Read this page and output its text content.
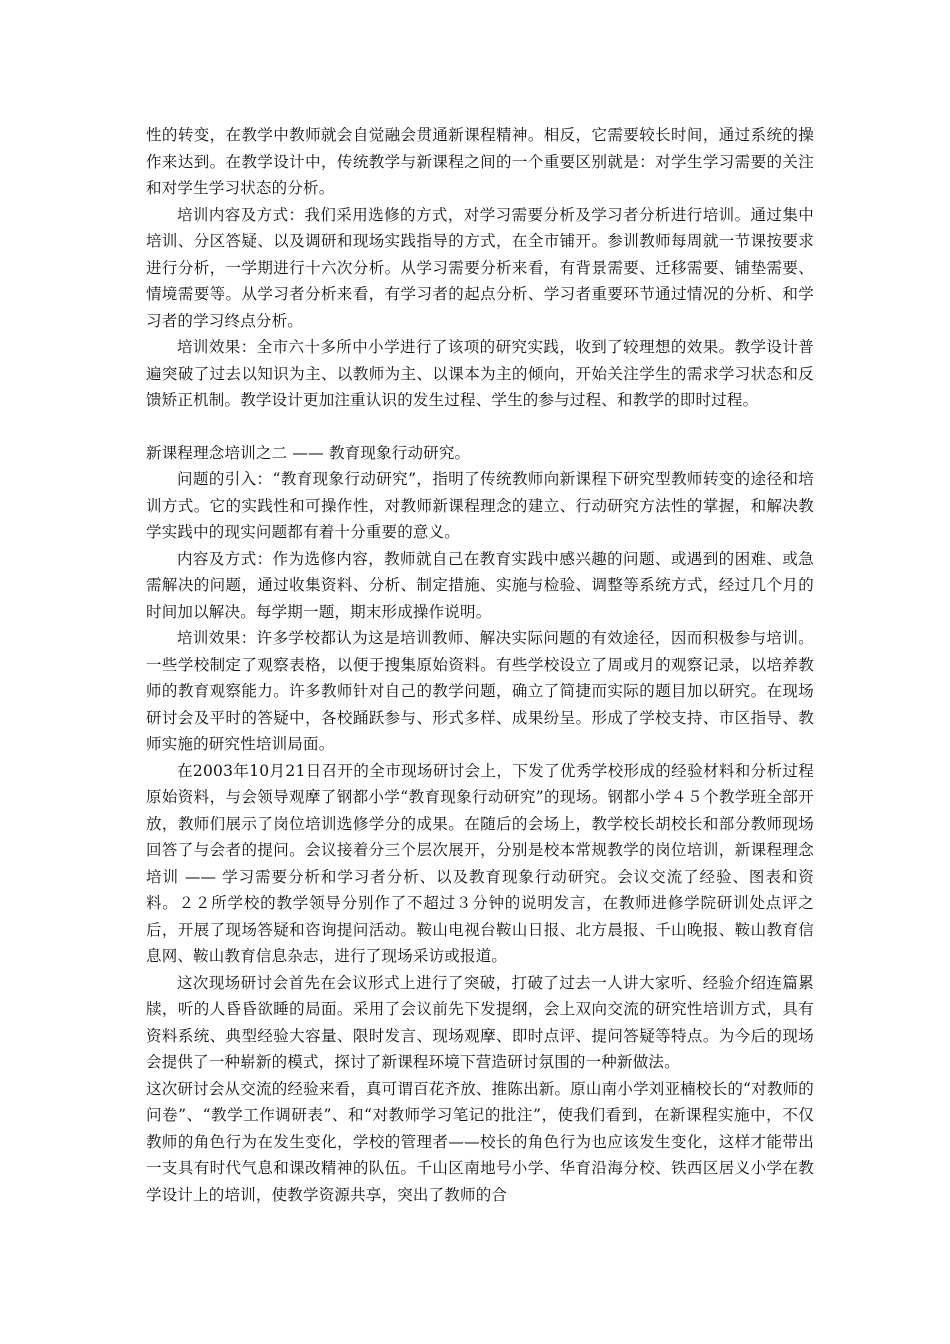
性的转变，在教学中教师就会自觉融会贯通新课程精神。相反，它需要较长时间，通过系统的操作来达到。在教学设计中，传统教学与新课程之间的一个重要区别就是：对学生学习需要的关注和对学生学习状态的分析。

培训内容及方式：我们采用选修的方式，对学习需要分析及学习者分析进行培训。通过集中培训、分区答疑、以及调研和现场实践指导的方式，在全市铺开。参训教师每周就一节课按要求进行分析，一学期进行十六次分析。从学习需要分析来看，有背景需要、迁移需要、铺垫需要、情境需要等。从学习者分析来看，有学习者的起点分析、学习者重要环节通过情况的分析、和学习者的学习终点分析。

培训效果：全市六十多所中小学进行了该项的研究实践，收到了较理想的效果。教学设计普遍突破了过去以知识为主、以教师为主、以课本为主的倾向，开始关注学生的需求学习状态和反馈矫正机制。教学设计更加注重认识的发生过程、学生的参与过程、和教学的即时过程。

新课程理念培训之二 —— 教育现象行动研究。

问题的引入：“教育现象行动研究”，指明了传统教师向新课程下研究型教师转变的途径和培训方式。它的实践性和可操作性，对教师新课程理念的建立、行动研究方法性的掌握，和解决教学实践中的现实问题都有着十分重要的意义。

内容及方式：作为选修内容，教师就自己在教育实践中感兴趣的问题、或遇到的困难、或急需解决的问题，通过收集资料、分析、制定措施、实施与检验、调整等系统方式，经过几个月的时间加以解决。每学期一题，期末形成操作说明。

培训效果：许多学校都认为这是培训教师、解决实际问题的有效途径，因而积极参与培训。一些学校制定了观察表格，以便于搜集原始资料。有些学校设立了周或月的观察记录，以培养教师的教育观察能力。许多教师针对自己的教学问题，确立了简捷而实际的题目加以研究。在现场研讨会及平时的答疑中，各校踊跃参与、形式多样、成果纷呈。形成了学校支持、市区指导、教师实施的研究性培训局面。

在2003年10月21日召开的全市现场研讨会上，下发了优秀学校形成的经验材料和分析过程原始资料，与会领导观摩了钢都小学“教育现象行动研究”的现场。钢都小学４５个教学班全部开放，教师们展示了岗位培训选修学分的成果。在随后的会场上，教学校长胡校长和部分教师现场回答了与会者的提问。会议接着分三个层次展开，分别是校本常规教学的岗位培训，新课程理念培训 —— 学习需要分析和学习者分析、以及教育现象行动研究。会议交流了经验、图表和资料。２２所学校的教学领导分别作了不超过３分钟的说明发言，在教师进修学院研训处点评之后，开展了现场答疑和咨询提问活动。鞍山电视台鞍山日报、北方晨报、千山晚报、鞍山教育信息网、鞍山教育信息杂志，进行了现场采访或报道。

这次现场研讨会首先在会议形式上进行了突破，打破了过去一人讲大家听、经验介绍连篇累牍，听的人昏昏欲睡的局面。采用了会议前先下发提纲，会上双向交流的研究性培训方式，具有资料系统、典型经验大容量、限时发言、现场观摩、即时点评、提问答疑等特点。为今后的现场会提供了一种崭新的模式，探讨了新课程环境下营造研讨氛围的一种新做法。

这次研讨会从交流的经验来看，真可谓百花齐放、推陈出新。原山南小学刘亚楠校长的“对教师的问卷”、“教学工作调研表”、和“对教师学习笔记的批注”，使我们看到，在新课程实施中，不仅教师的角色行为在发生变化，学校的管理者——校长的角色行为也应该发生变化，这样才能带出一支具有时代气息和课改精神的队伍。千山区南地号小学、华育沿海分校、铁西区居义小学在教学设计上的培训，使教学资源共享，突出了教师的合
